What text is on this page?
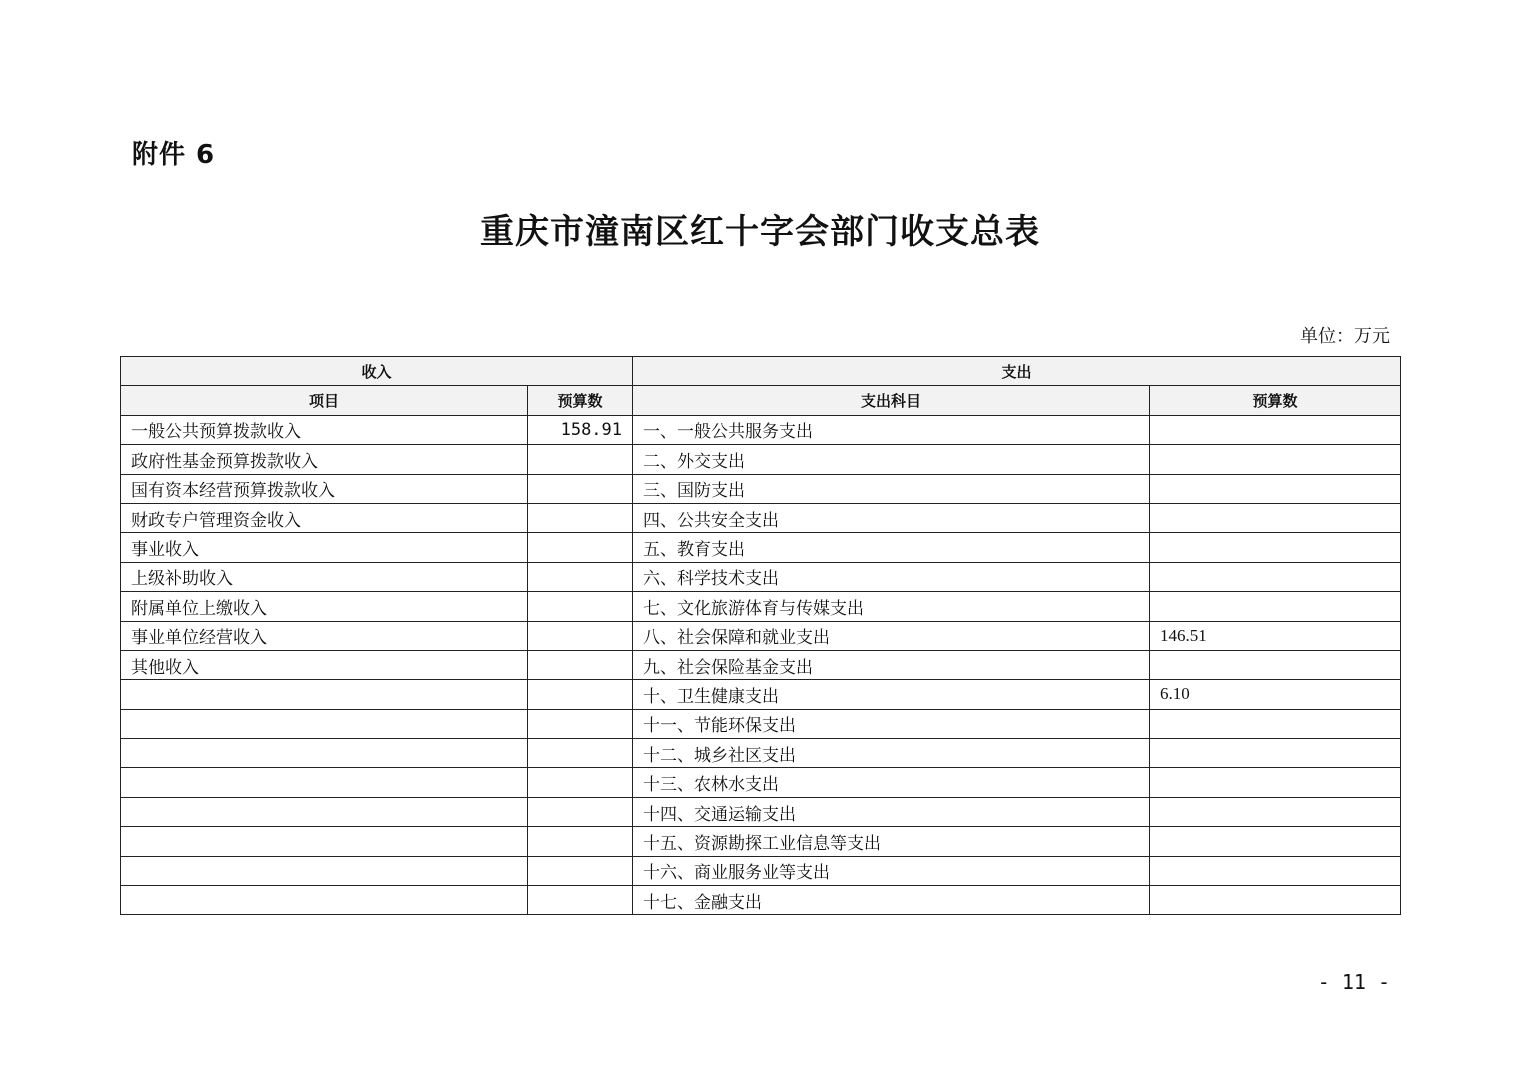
附件 6
重庆市潼南区红十字会部门收支总表
单位：万元
收入		支出	
项目	预算数	支出科目	预算数
一般公共预算拨款收入	158.91	一、一般公共服务支出	
政府性基金预算拨款收入		二、外交支出	
国有资本经营预算拨款收入		三、国防支出	
财政专户管理资金收入		四、公共安全支出	
事业收入		五、教育支出	
上级补助收入		六、科学技术支出	
附属单位上缴收入		七、文化旅游体育与传媒支出	
事业单位经营收入		八、社会保障和就业支出	146.51
其他收入		九、社会保险基金支出	
		十、卫生健康支出	6.10
		十一、节能环保支出	
		十二、城乡社区支出	
		十三、农林水支出	
		十四、交通运输支出	
		十五、资源勘探工业信息等支出	
		十六、商业服务业等支出	
		十七、金融支出	
- 11 -
